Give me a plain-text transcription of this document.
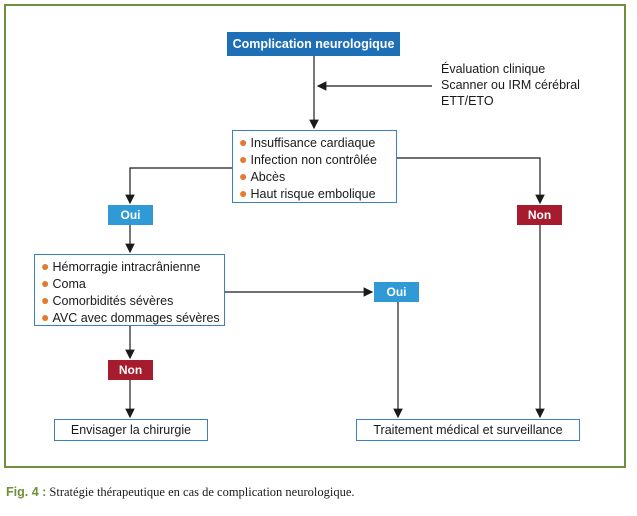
Complication neurologique
Évaluation clinique
Scanner ou IRM cérébral
ETT/ETO
● Insuffisance cardiaque
● Infection non contrôlée
● Abcès
● Haut risque embolique
Oui	Non
● Hémorragie intracrânienne
● Coma
● Comorbidités sévères
● AVC avec dommages sévères
Oui
Non
Envisager la chirurgie	Traitement médical et surveillance
Fig. 4 : Stratégie thérapeutique en cas de complication neurologique.
